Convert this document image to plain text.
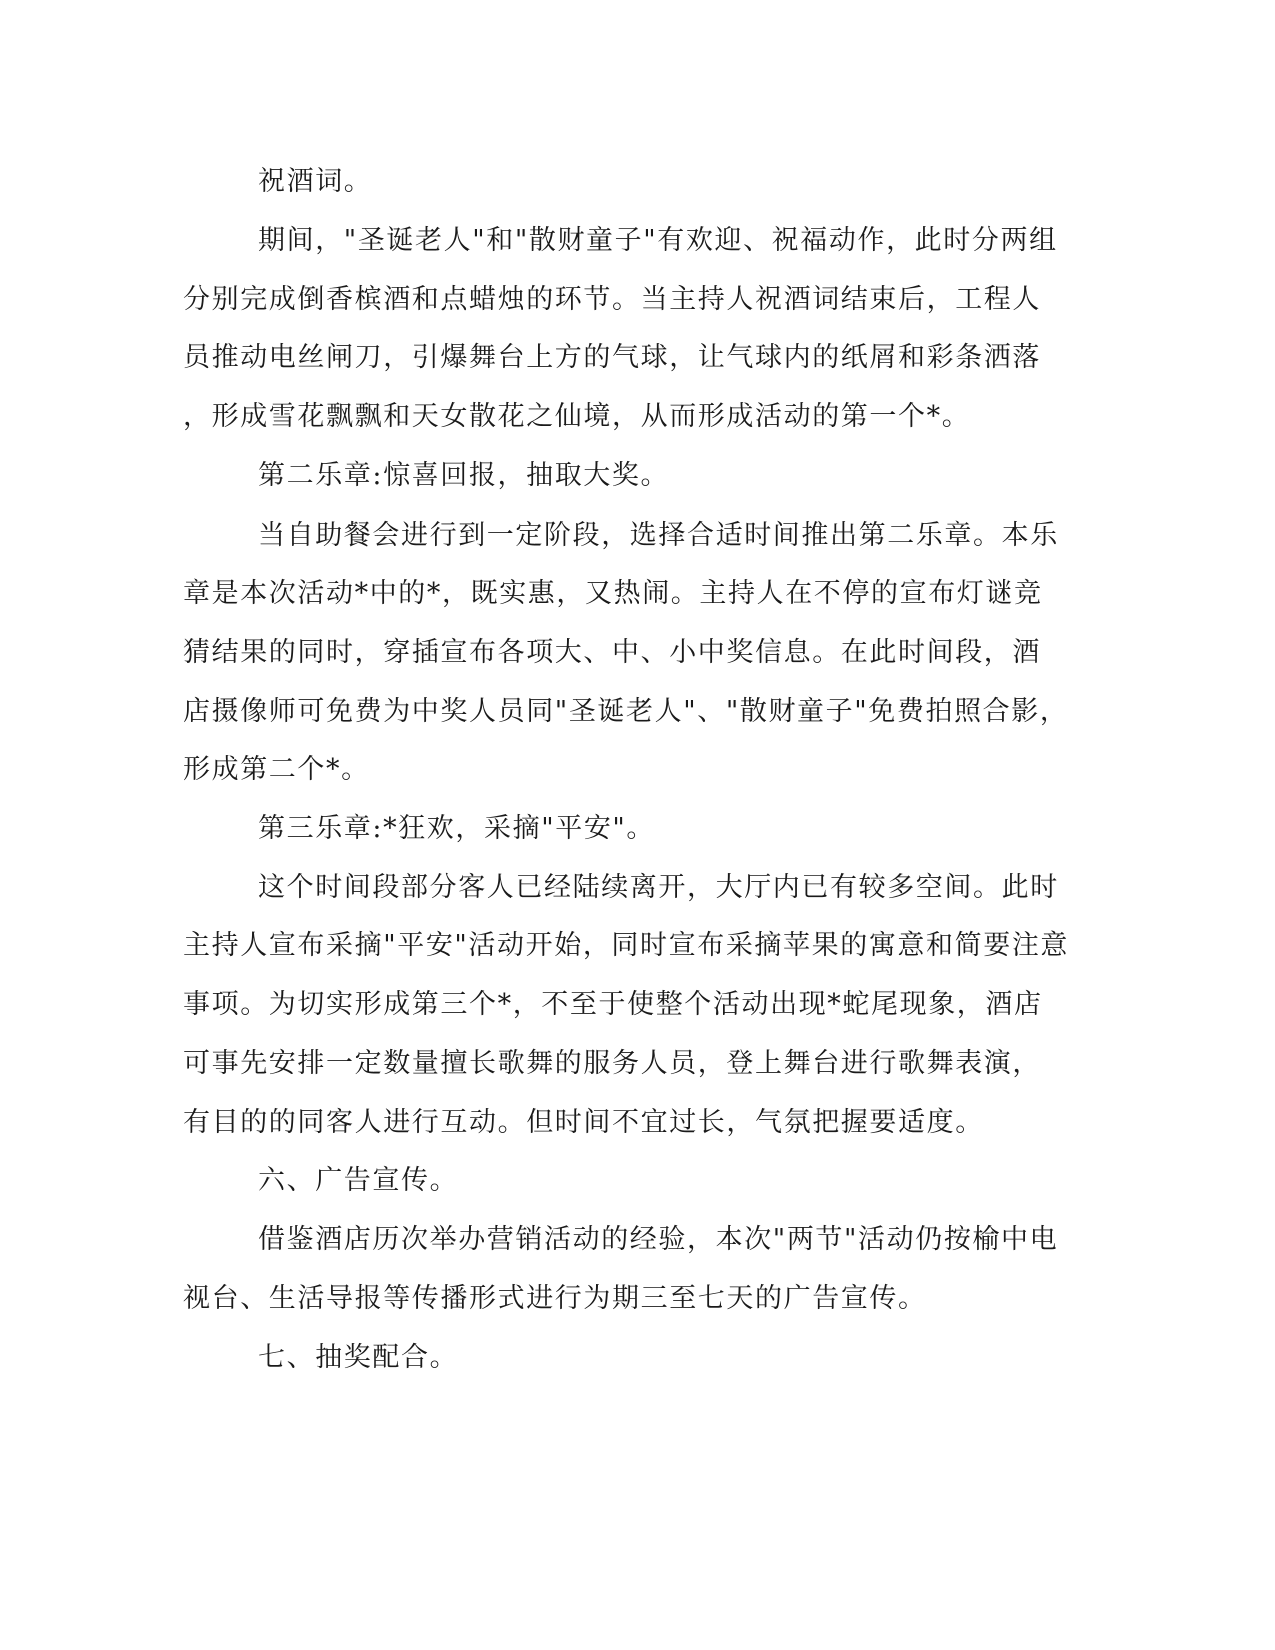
祝酒词。
期间，"圣诞老人"和"散财童子"有欢迎、祝福动作，此时分两组
分别完成倒香槟酒和点蜡烛的环节。当主持人祝酒词结束后，工程人
员推动电丝闸刀，引爆舞台上方的气球，让气球内的纸屑和彩条洒落
，形成雪花飘飘和天女散花之仙境，从而形成活动的第一个*。
第二乐章:惊喜回报，抽取大奖。
当自助餐会进行到一定阶段，选择合适时间推出第二乐章。本乐
章是本次活动*中的*，既实惠，又热闹。主持人在不停的宣布灯谜竞
猜结果的同时，穿插宣布各项大、中、小中奖信息。在此时间段，酒
店摄像师可免费为中奖人员同"圣诞老人"、"散财童子"免费拍照合影，
形成第二个*。
第三乐章:*狂欢，采摘"平安"。
这个时间段部分客人已经陆续离开，大厅内已有较多空间。此时
主持人宣布采摘"平安"活动开始，同时宣布采摘苹果的寓意和简要注意
事项。为切实形成第三个*，不至于使整个活动出现*蛇尾现象，酒店
可事先安排一定数量擅长歌舞的服务人员，登上舞台进行歌舞表演，
有目的的同客人进行互动。但时间不宜过长，气氛把握要适度。
六、广告宣传。
借鉴酒店历次举办营销活动的经验，本次"两节"活动仍按榆中电
视台、生活导报等传播形式进行为期三至七天的广告宣传。
七、抽奖配合。
